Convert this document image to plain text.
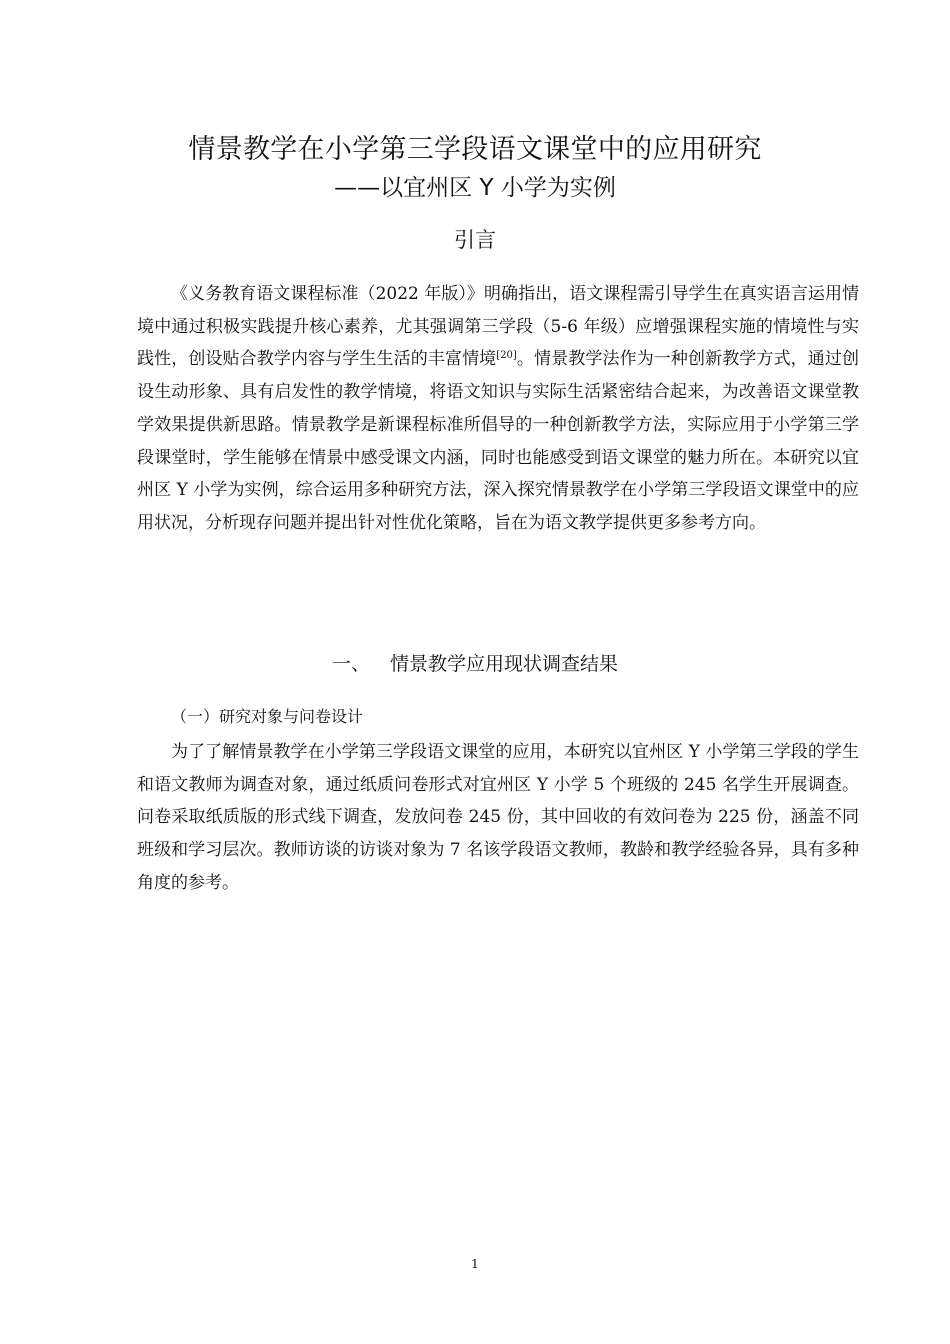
情景教学在小学第三学段语文课堂中的应用研究
——以宜州区 Y 小学为实例
引言

《义务教育语文课程标准（2022 年版）》明确指出，语文课程需引导学生在真实语言运用情境中通过积极实践提升核心素养，尤其强调第三学段（5-6 年级）应增强课程实施的情境性与实践性，创设贴合教学内容与学生生活的丰富情境[20]。情景教学法作为一种创新教学方式，通过创设生动形象、具有启发性的教学情境，将语文知识与实际生活紧密结合起来，为改善语文课堂教学效果提供新思路。情景教学是新课程标准所倡导的一种创新教学方法，实际应用于小学第三学段课堂时，学生能够在情景中感受课文内涵，同时也能感受到语文课堂的魅力所在。本研究以宜州区 Y 小学为实例，综合运用多种研究方法，深入探究情景教学在小学第三学段语文课堂中的应用状况，分析现存问题并提出针对性优化策略，旨在为语文教学提供更多参考方向。

一、 情景教学应用现状调查结果
（一）研究对象与问卷设计

为了了解情景教学在小学第三学段语文课堂的应用，本研究以宜州区 Y 小学第三学段的学生和语文教师为调查对象，通过纸质问卷形式对宜州区 Y 小学 5 个班级的 245 名学生开展调查。问卷采取纸质版的形式线下调查，发放问卷 245 份，其中回收的有效问卷为 225 份，涵盖不同班级和学习层次。教师访谈的访谈对象为 7 名该学段语文教师，教龄和教学经验各异，具有多种角度的参考。

1
